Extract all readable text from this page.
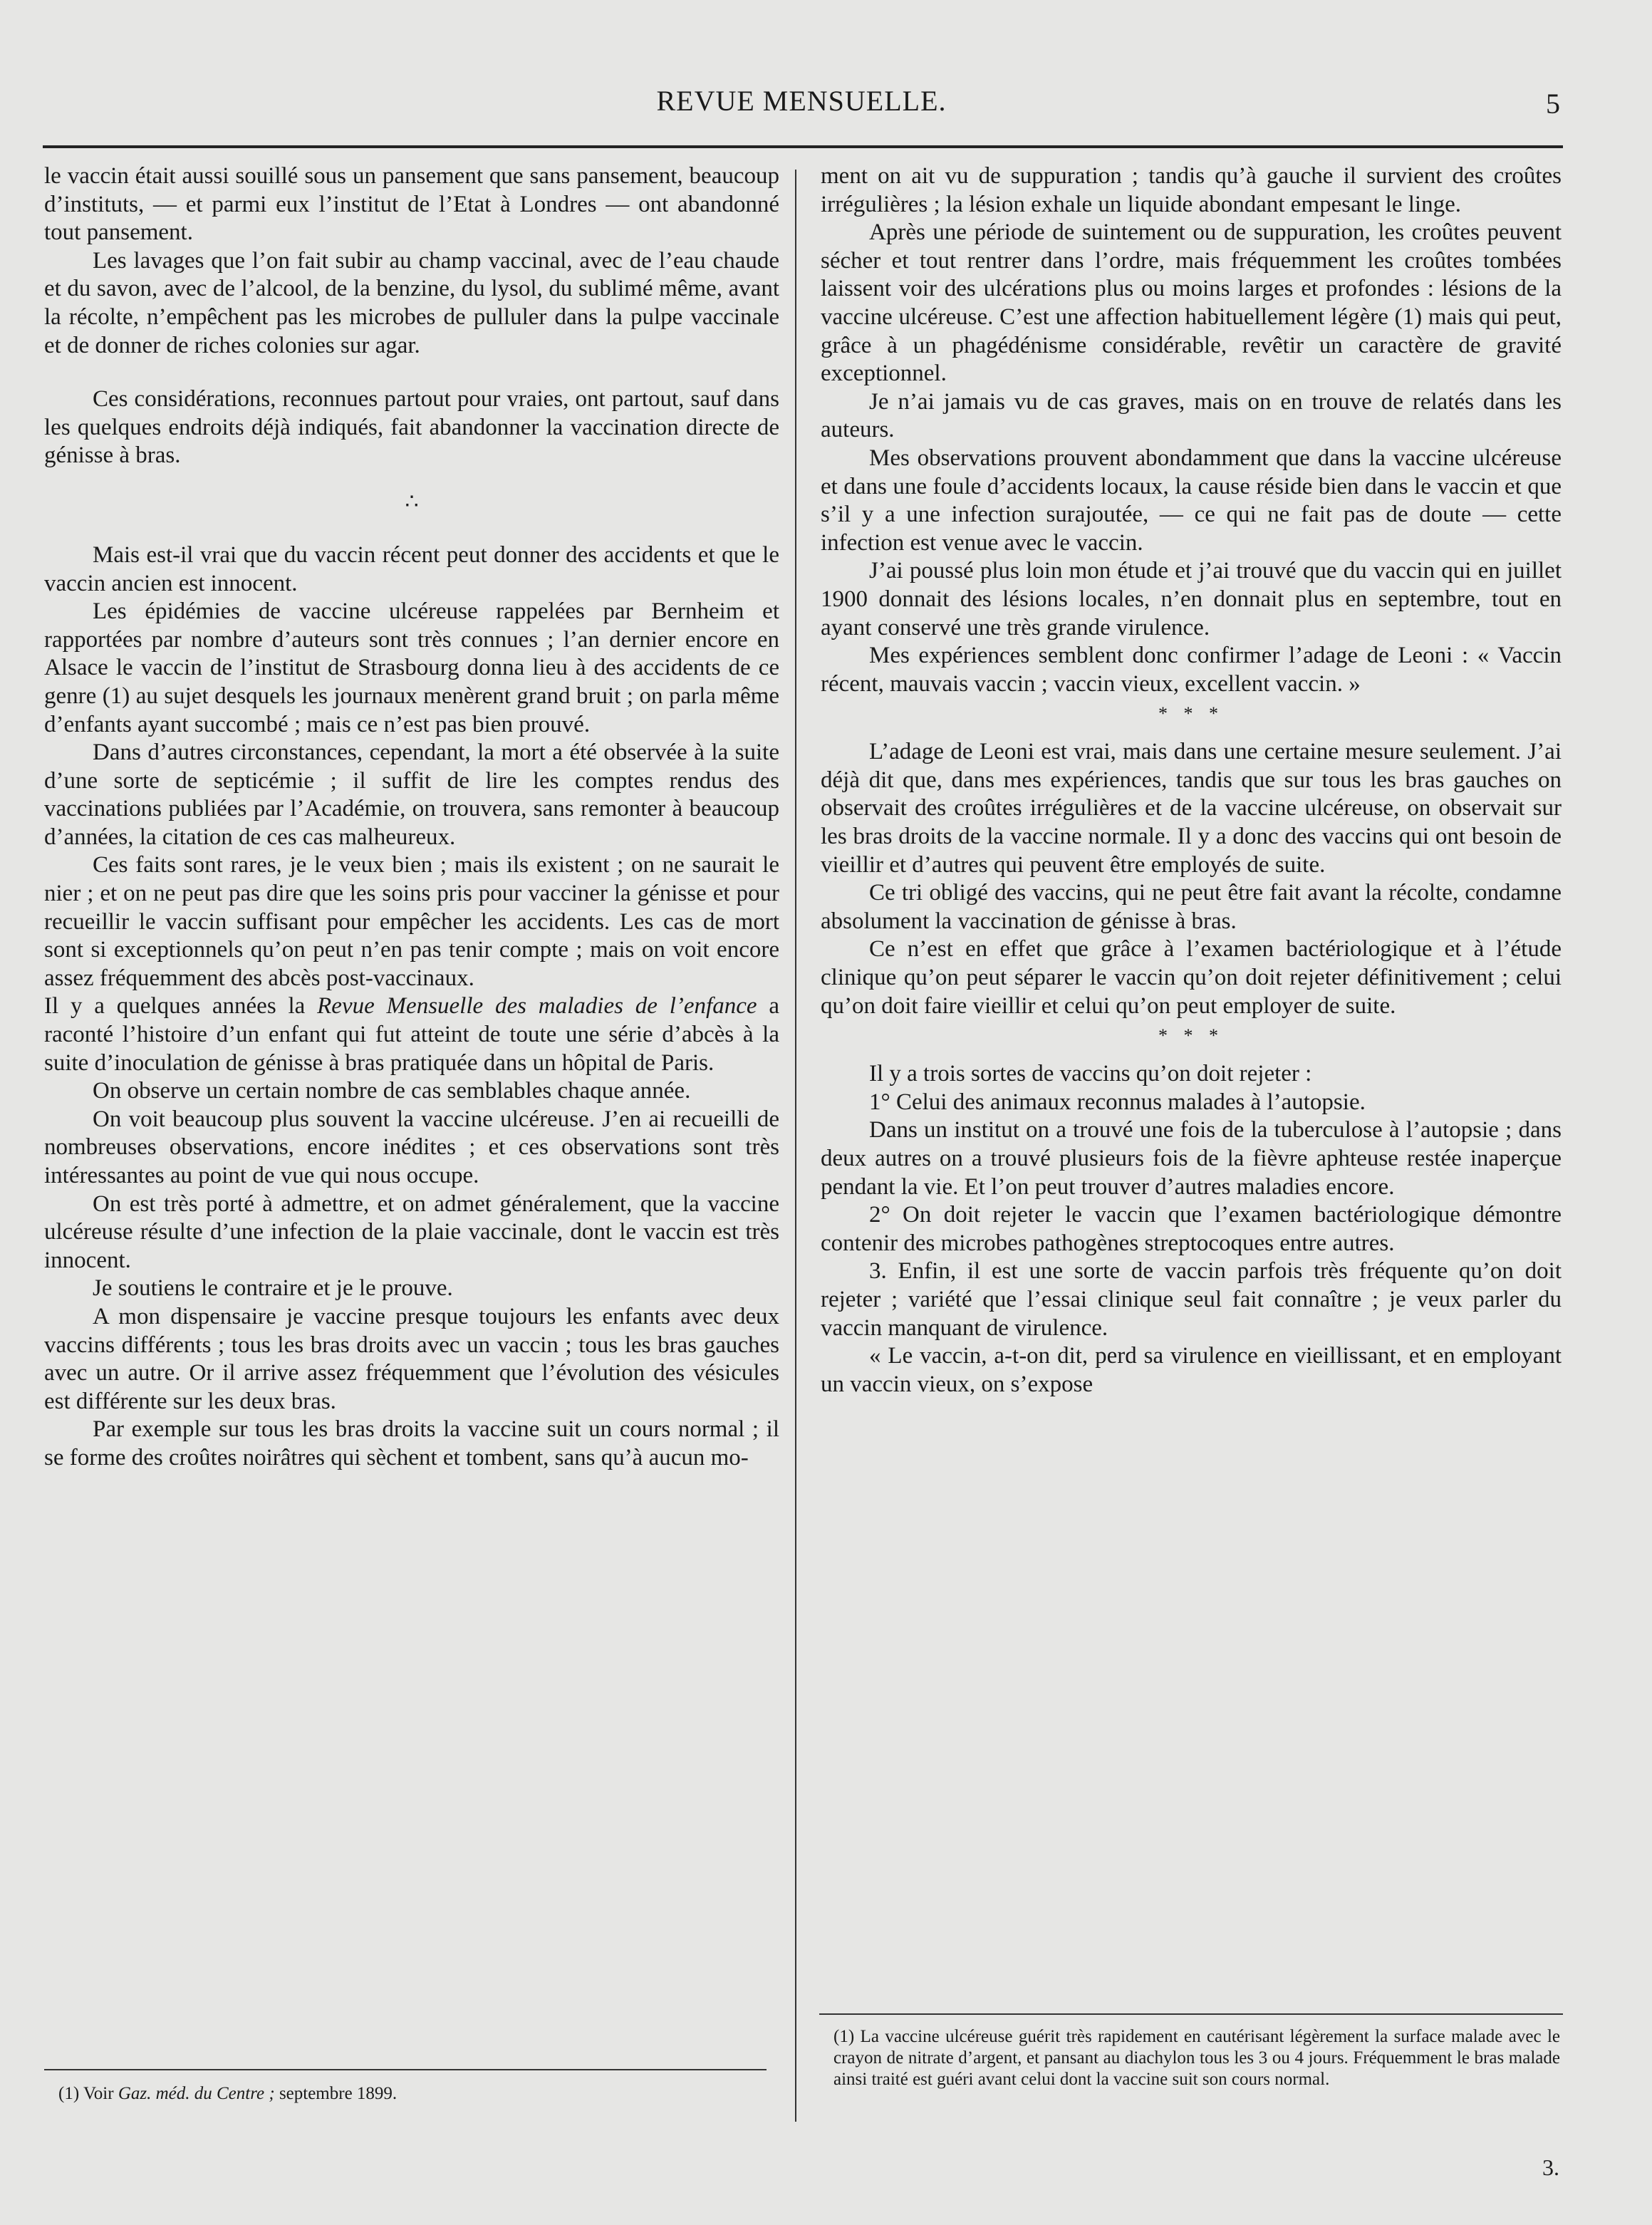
REVUE MENSUELLE.	5

le vaccin était aussi souillé sous un pansement que sans pansement, beaucoup d’instituts, — et parmi eux l’institut de l’Etat à Londres — ont abandonné tout pansement.

Les lavages que l’on fait subir au champ vaccinal, avec de l’eau chaude et du savon, avec de l’alcool, de la benzine, du lysol, du sublimé même, avant la récolte, n’empêchent pas les microbes de pulluler dans la pulpe vaccinale et de donner de riches colonies sur agar.

Ces considérations, reconnues partout pour vraies, ont partout, sauf dans les quelques endroits déjà indiqués, fait abandonner la vaccination directe de génisse à bras.

∴

Mais est-il vrai que du vaccin récent peut donner des accidents et que le vaccin ancien est innocent.

Les épidémies de vaccine ulcéreuse rappelées par Bernheim et rapportées par nombre d’auteurs sont très connues ; l’an dernier encore en Alsace le vaccin de l’institut de Strasbourg donna lieu à des accidents de ce genre (1) au sujet desquels les journaux menèrent grand bruit ; on parla même d’enfants ayant succombé ; mais ce n’est pas bien prouvé.

Dans d’autres circonstances, cependant, la mort a été observée à la suite d’une sorte de septicémie ; il suffit de lire les comptes rendus des vaccinations publiées par l’Académie, on trouvera, sans remonter à beaucoup d’années, la citation de ces cas malheureux.

Ces faits sont rares, je le veux bien ; mais ils existent ; on ne saurait le nier ; et on ne peut pas dire que les soins pris pour vacciner la génisse et pour recueillir le vaccin suffisant pour empêcher les accidents. Les cas de mort sont si exceptionnels qu’on peut n’en pas tenir compte ; mais on voit encore assez fréquemment des abcès post-vaccinaux.

Il y a quelques années la Revue Mensuelle des maladies de l’enfance a raconté l’histoire d’un enfant qui fut atteint de toute une série d’abcès à la suite d’inoculation de génisse à bras pratiquée dans un hôpital de Paris.

On observe un certain nombre de cas semblables chaque année.

On voit beaucoup plus souvent la vaccine ulcéreuse. J’en ai recueilli de nombreuses observations, encore inédites ; et ces observations sont très intéressantes au point de vue qui nous occupe.

On est très porté à admettre, et on admet généralement, que la vaccine ulcéreuse résulte d’une infection de la plaie vaccinale, dont le vaccin est très innocent.

Je soutiens le contraire et je le prouve.

A mon dispensaire je vaccine presque toujours les enfants avec deux vaccins différents ; tous les bras droits avec un vaccin ; tous les bras gauches avec un autre. Or il arrive assez fréquemment que l’évolution des vésicules est différente sur les deux bras.

Par exemple sur tous les bras droits la vaccine suit un cours normal ; il se forme des croûtes noirâtres qui sèchent et tombent, sans qu’à aucun mo-

ment on ait vu de suppuration ; tandis qu’à gauche il survient des croûtes irrégulières ; la lésion exhale un liquide abondant empesant le linge.

Après une période de suintement ou de suppuration, les croûtes peuvent sécher et tout rentrer dans l’ordre, mais fréquemment les croûtes tombées laissent voir des ulcérations plus ou moins larges et profondes : lésions de la vaccine ulcéreuse. C’est une affection habituellement légère (1) mais qui peut, grâce à un phagédénisme considérable, revêtir un caractère de gravité exceptionnel.

Je n’ai jamais vu de cas graves, mais on en trouve de relatés dans les auteurs.

Mes observations prouvent abondamment que dans la vaccine ulcéreuse et dans une foule d’accidents locaux, la cause réside bien dans le vaccin et que s’il y a une infection surajoutée, — ce qui ne fait pas de doute — cette infection est venue avec le vaccin.

J’ai poussé plus loin mon étude et j’ai trouvé que du vaccin qui en juillet 1900 donnait des lésions locales, n’en donnait plus en septembre, tout en ayant conservé une très grande virulence.

Mes expériences semblent donc confirmer l’adage de Leoni : « Vaccin récent, mauvais vaccin ; vaccin vieux, excellent vaccin. »

* * *

L’adage de Leoni est vrai, mais dans une certaine mesure seulement. J’ai déjà dit que, dans mes expériences, tandis que sur tous les bras gauches on observait des croûtes irrégulières et de la vaccine ulcéreuse, on observait sur les bras droits de la vaccine normale. Il y a donc des vaccins qui ont besoin de vieillir et d’autres qui peuvent être employés de suite.

Ce tri obligé des vaccins, qui ne peut être fait avant la récolte, condamne absolument la vaccination de génisse à bras.

Ce n’est en effet que grâce à l’examen bactériologique et à l’étude clinique qu’on peut séparer le vaccin qu’on doit rejeter définitivement ; celui qu’on doit faire vieillir et celui qu’on peut employer de suite.

* * *

Il y a trois sortes de vaccins qu’on doit rejeter :

1° Celui des animaux reconnus malades à l’autopsie.

Dans un institut on a trouvé une fois de la tuberculose à l’autopsie ; dans deux autres on a trouvé plusieurs fois de la fièvre aphteuse restée inaperçue pendant la vie. Et l’on peut trouver d’autres maladies encore.

2° On doit rejeter le vaccin que l’examen bactériologique démontre contenir des microbes pathogènes streptocoques entre autres.

3. Enfin, il est une sorte de vaccin parfois très fréquente qu’on doit rejeter ; variété que l’essai clinique seul fait connaître ; je veux parler du vaccin manquant de virulence.

« Le vaccin, a-t-on dit, perd sa virulence en vieillissant, et en employant un vaccin vieux, on s’expose

(1) Voir Gaz. méd. du Centre ; septembre 1899.
(1) La vaccine ulcéreuse guérit très rapidement en cautérisant légèrement la surface malade avec le crayon de nitrate d’argent, et pansant au diachylon tous les 3 ou 4 jours. Fréquemment le bras malade ainsi traité est guéri avant celui dont la vaccine suit son cours normal.
3.
